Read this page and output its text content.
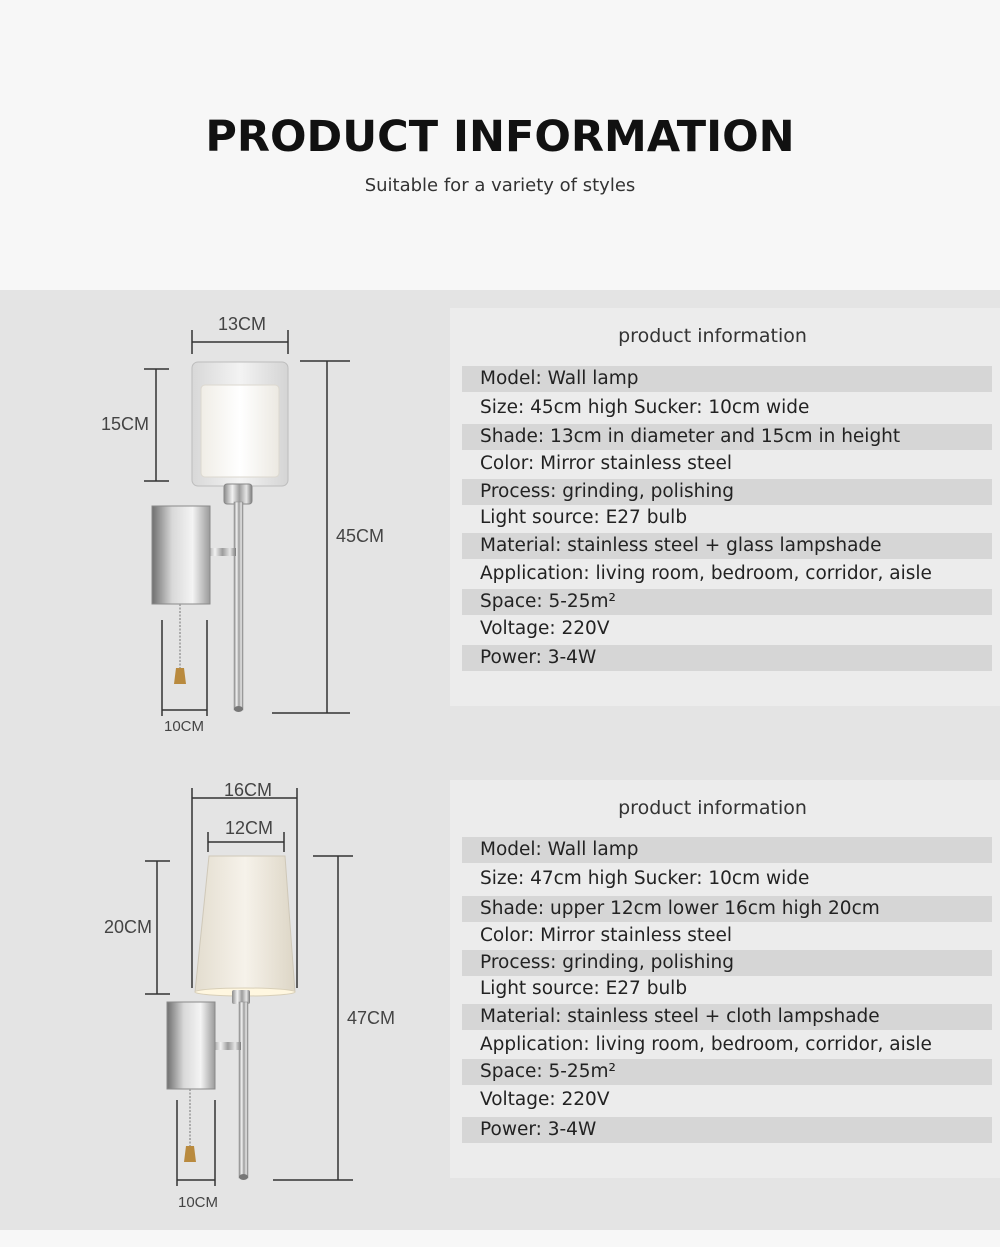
PRODUCT INFORMATION
Suitable for a variety of styles
13CM
15CM
45CM
10CM
product information
Model: Wall lamp
Size: 45cm high Sucker: 10cm wide
Shade: 13cm in diameter and 15cm in height
Color: Mirror stainless steel
Process: grinding, polishing
Light source: E27 bulb
Material: stainless steel + glass lampshade
Application: living room, bedroom, corridor, aisle
Space: 5-25m²
Voltage: 220V
Power: 3-4W
16CM
12CM
20CM
47CM
10CM
product information
Model: Wall lamp
Size: 47cm high Sucker: 10cm wide
Shade: upper 12cm lower 16cm high 20cm
Color: Mirror stainless steel
Process: grinding, polishing
Light source: E27 bulb
Material: stainless steel + cloth lampshade
Application: living room, bedroom, corridor, aisle
Space: 5-25m²
Voltage: 220V
Power: 3-4W
